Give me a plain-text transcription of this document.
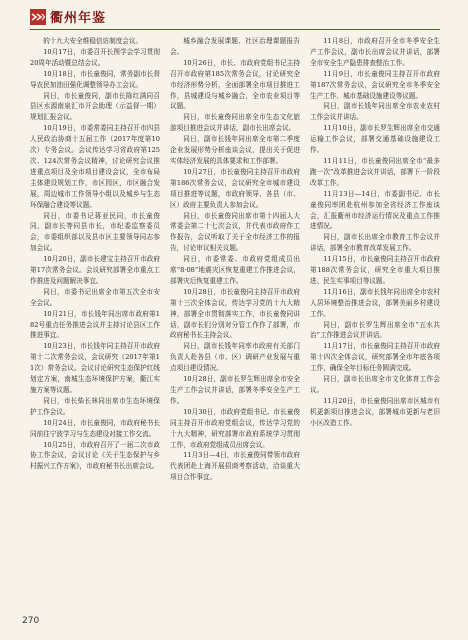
衢州年鉴

的十九大安全维稳信访制度会议。

10月17日，市委召开长图学会学习贯彻20周年活动暨总结会议。

10月18日，市长童俊同，常务副市长督导农民加油田强化调整领导办工会议。

同日，市长童俊同，副市长陈红满同召县区水源南泉汇市开会助理（示益督一期）规划汇报会议。

10月19日，市委常委同主持召开市四县人民政治协商十五届工作（2017年度第10次）专务会议。会议传达学习省政府第125次、124次常务会议精神，讨论研究会议推进重点项目及全市项目建设会议，全市布局主体建设规划工作，市区园区，市区融合发展，周边城市工作领导小组以及城乡与生态环保融合建设等议题。

同日，市委书记蒋亚民同，市长童俊同，副市长等同县市长，市纪委监察委员会，市委组织部以及县市区主要领导同志参加会议。

10月20日，副市长建宝主持召开市政府第17次常务会议。会议研究部署全市重点工作推进及问题解决事宜。

同日，市委书记出席全市第五次全市安全会议。

10月21日，市长钱年同出席市政府第182号重点任务推进会议并主持讨论县区工作推进事宜。

10月23日，市长钱年同主持召开市政府第十二次常务会议，会议研究（2017年第11次）常务会议。会议讨论研究生态保护红线划定方案，南城生态环境保护方案，衢江实施方案等议题。

同日，市长柴长林同出席市生态环境保护工作会议。

10月24日，市长童俊同，市政府秘书长同前往宁波学习与生态建设对接工作交流。

10月25日，市政府召开了一届二次市政协工作会议，会议讨论《关于生态保护与乡村振兴工作方案》，市政府秘书长出席会议。

城乡融合发展课题、社区治理课题报告会。

10月26日，市长、市政府党组书记主持召开市政府第185次常务会议，讨论研究全市经济形势分析，全面部署全市项目推进工作，县城建设与城乡融合，全市农业项目等议题。

同日，市长童俊同出席全市生态文化旅游项目推进会议并讲话，副市长出席会议。

同日，副市长钱年同出席全市第二季度企业发展形势分析座谈会议，提出关于促进实体经济发展的具体要求和工作部署。

10月27日，市长童俊同主持召开市政府第186次常务会议，会议研究全市城市建设项目推进等议题，市政府领导、各县（市、区）政府主要负责人参加会议。

同日，市长童俊同出席市第十四届人大常委会第二十七次会议，并代表市政府作工作报告，会议听取了关于全市经济工作的报告，讨论审议相关议题。

同日，市委常委、市政府党组成员出席“8·08”地震灾区恢复重建工作推进会议，部署灾后恢复重建工作。

10月28日，市长童俊同主持召开市政府第十三次全体会议，传达学习党的十九大精神，部署全市贯彻落实工作，市长童俊同讲话，副市长们分别对分管工作作了部署，市政府秘书长主持会议。

同日，副市长钱年同率市政府有关部门负责人赴各县（市、区）调研产业发展与重点项目建设情况。

10月28日，副市长罗生辉出席全市安全生产工作会议并讲话，部署冬季安全生产工作。

10月30日，市政府党组书记、市长童俊同主持召开市政府党组会议，传达学习党的十九大精神，研究部署市政府系统学习贯彻工作，市政府党组成员出席会议。

11月3日—4日，市长童俊同带领市政府代表团赴上海开展招商考察活动，洽谈重大项目合作事宜。

11月8日，市政府召开全市冬季安全生产工作会议，副市长出席会议并讲话，部署全市安全生产隐患排查整治工作。

11月9日，市长童俊同主持召开市政府第187次常务会议，会议研究全市冬季安全生产工作、城市基础设施建设等议题。

同日，副市长钱年同出席全市农业农村工作会议并讲话。

11月10日，副市长罗生辉出席全市交通运输工作会议，部署交通基础设施建设工作。

11月11日，市长童俊同出席全市“最多跑一次”改革推进会议并讲话，部署下一阶段改革工作。

11月13日—14日，市委副书记、市长童俊同率团赴杭州参加全省经济工作座谈会，汇报衢州市经济运行情况及重点工作推进情况。

同日，副市长出席全市教育工作会议并讲话，部署全市教育改革发展工作。

11月15日，市长童俊同主持召开市政府第188次常务会议，研究全市重大项目推进、民生实事项目等议题。

11月16日，副市长钱年同出席全市农村人居环境整治推进会议，部署美丽乡村建设工作。

同日，副市长罗生辉出席全市“五水共治”工作推进会议并讲话。

11月17日，市长童俊同主持召开市政府第十四次全体会议，研究部署全市年底各项工作，确保全年目标任务圆满完成。

同日，副市长出席全市文化体育工作会议。

11月20日，市长童俊同出席市区城市有机更新项目推进会议，部署城市更新与老旧小区改造工作。

270
